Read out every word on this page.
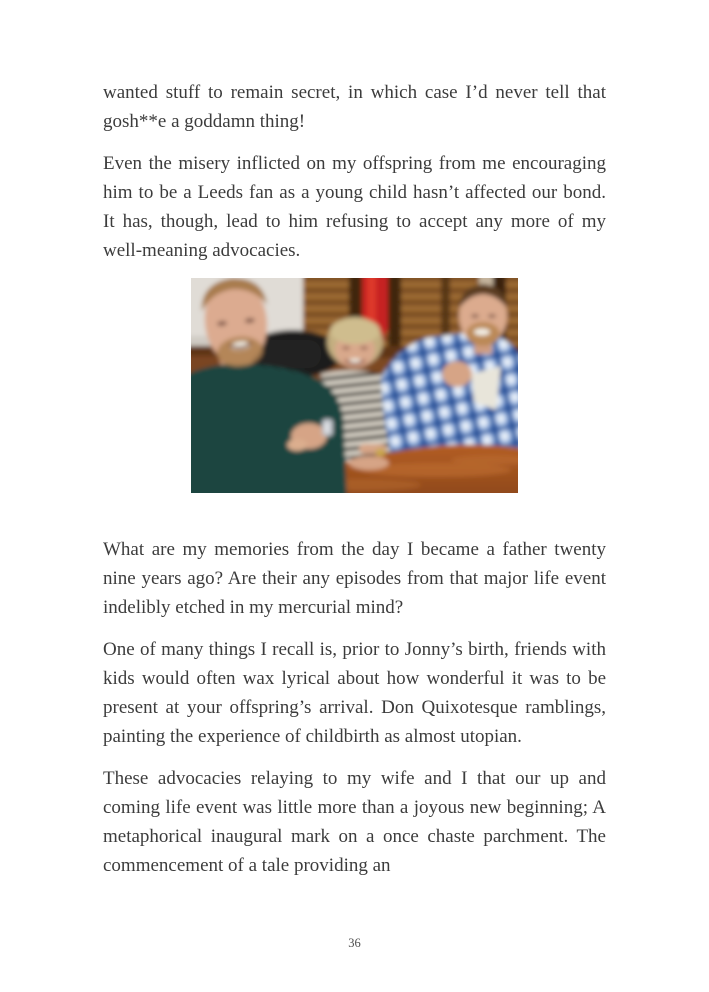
wanted stuff to remain secret, in which case I’d never tell that gosh**e a goddamn thing!

Even the misery inflicted on my offspring from me encouraging him to be a Leeds fan as a young child hasn’t affected our bond. It has, though, lead to him refusing to accept any more of my well-meaning advocacies.

What are my memories from the day I became a father twenty nine years ago? Are their any episodes from that major life event indelibly etched in my mercurial mind?

One of many things I recall is, prior to Jonny’s birth, friends with kids would often wax lyrical about how wonderful it was to be present at your offspring’s arrival. Don Quixotesque ramblings, painting the experience of childbirth as almost utopian.

These advocacies relaying to my wife and I that our up and coming life event was little more than a joyous new beginning; A metaphorical inaugural mark on a once chaste parchment. The commencement of a tale providing an

36
